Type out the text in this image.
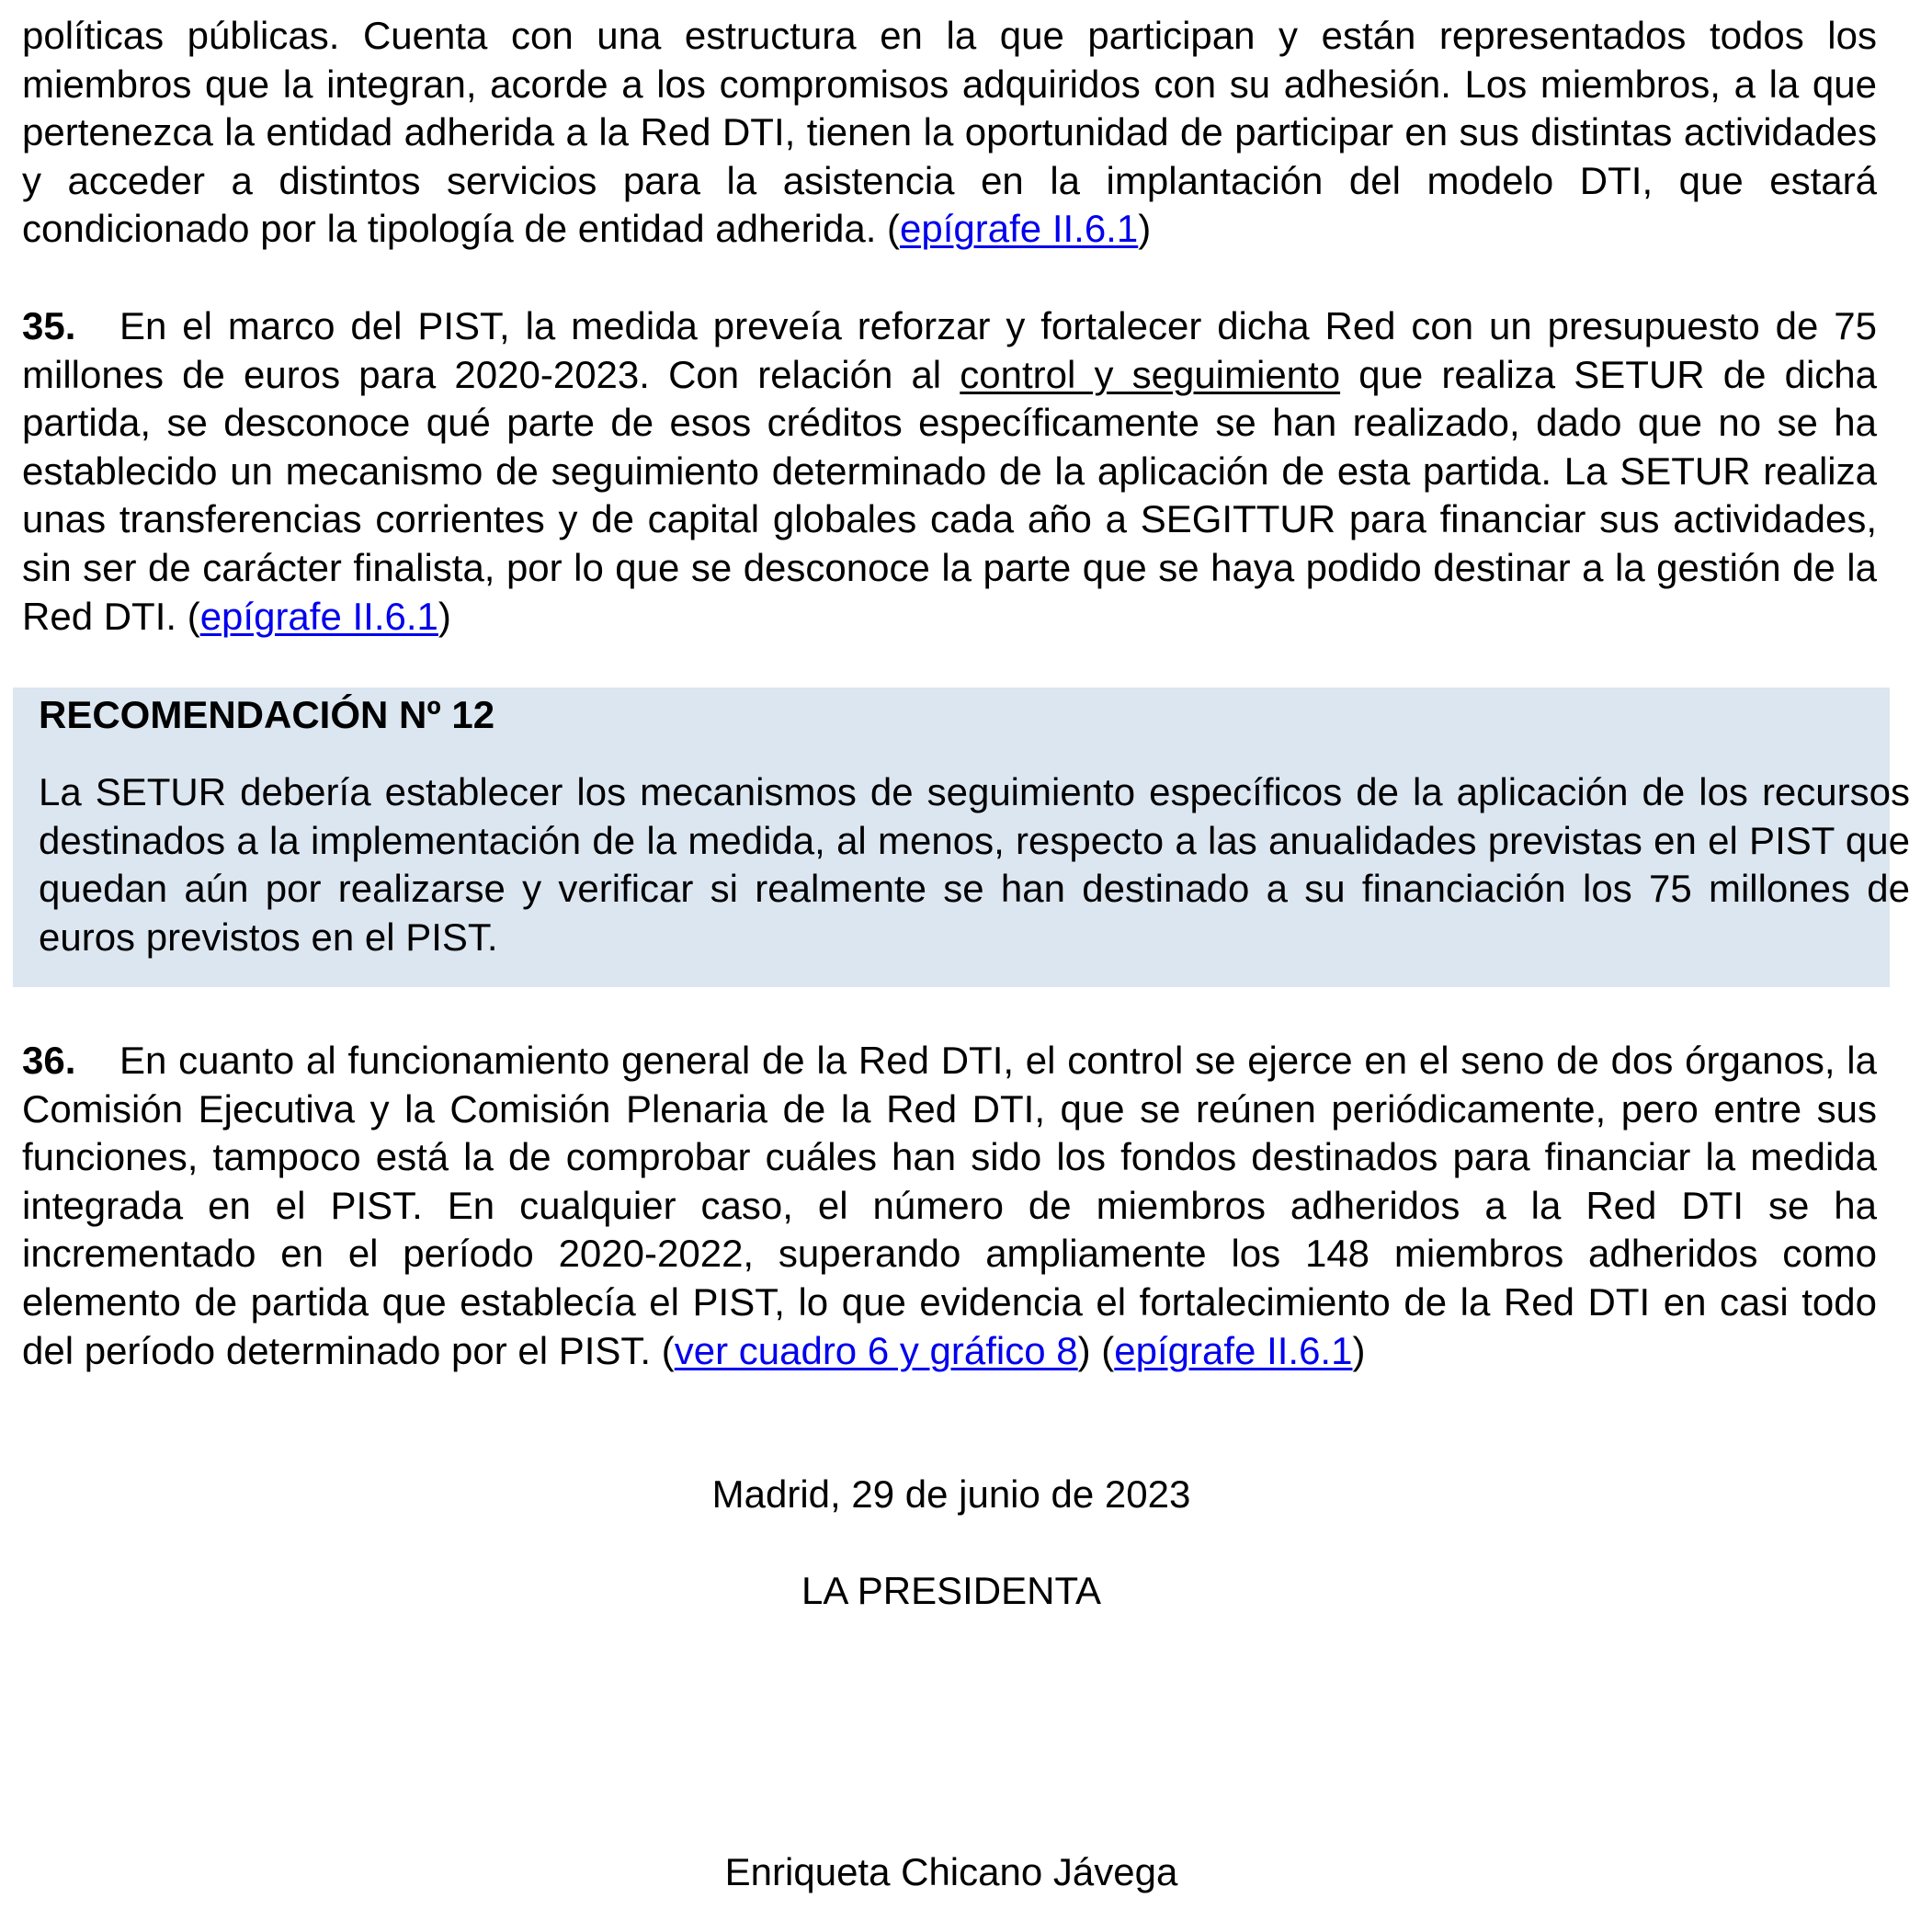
políticas públicas. Cuenta con una estructura en la que participan y están representados todos los miembros que la integran, acorde a los compromisos adquiridos con su adhesión. Los miembros, a la que pertenezca la entidad adherida a la Red DTI, tienen la oportunidad de participar en sus distintas actividades y acceder a distintos servicios para la asistencia en la implantación del modelo DTI, que estará condicionado por la tipología de entidad adherida. (epígrafe II.6.1)

35. En el marco del PIST, la medida preveía reforzar y fortalecer dicha Red con un presupuesto de 75 millones de euros para 2020-2023. Con relación al control y seguimiento que realiza SETUR de dicha partida, se desconoce qué parte de esos créditos específicamente se han realizado, dado que no se ha establecido un mecanismo de seguimiento determinado de la aplicación de esta partida. La SETUR realiza unas transferencias corrientes y de capital globales cada año a SEGITTUR para financiar sus actividades, sin ser de carácter finalista, por lo que se desconoce la parte que se haya podido destinar a la gestión de la Red DTI. (epígrafe II.6.1)

RECOMENDACIÓN Nº 12

La SETUR debería establecer los mecanismos de seguimiento específicos de la aplicación de los recursos destinados a la implementación de la medida, al menos, respecto a las anualidades previstas en el PIST que quedan aún por realizarse y verificar si realmente se han destinado a su financiación los 75 millones de euros previstos en el PIST.

36. En cuanto al funcionamiento general de la Red DTI, el control se ejerce en el seno de dos órganos, la Comisión Ejecutiva y la Comisión Plenaria de la Red DTI, que se reúnen periódicamente, pero entre sus funciones, tampoco está la de comprobar cuáles han sido los fondos destinados para financiar la medida integrada en el PIST. En cualquier caso, el número de miembros adheridos a la Red DTI se ha incrementado en el período 2020-2022, superando ampliamente los 148 miembros adheridos como elemento de partida que establecía el PIST, lo que evidencia el fortalecimiento de la Red DTI en casi todo del período determinado por el PIST. (ver cuadro 6 y gráfico 8) (epígrafe II.6.1)

Madrid, 29 de junio de 2023

LA PRESIDENTA

Enriqueta Chicano Jávega
